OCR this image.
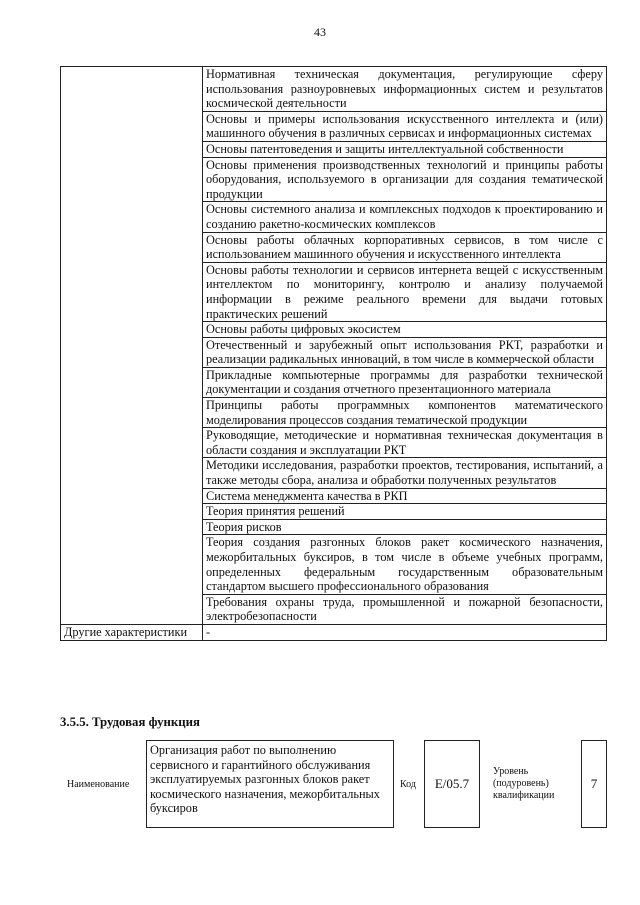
43
	Нормативная техническая документация, регулирующие сферу использования разноуровневых информационных систем и результатов космической деятельности
	Основы и примеры использования искусственного интеллекта и (или) машинного обучения в различных сервисах и информационных системах
	Основы патентоведения и защиты интеллектуальной собственности
	Основы применения производственных технологий и принципы работы оборудования, используемого в организации для создания тематической продукции
	Основы системного анализа и комплексных подходов к проектированию и созданию ракетно-космических комплексов
	Основы работы облачных корпоративных сервисов, в том числе с использованием машинного обучения и искусственного интеллекта
	Основы работы технологии и сервисов интернета вещей с искусственным интеллектом по мониторингу, контролю и анализу получаемой информации в режиме реального времени для выдачи готовых практических решений
	Основы работы цифровых экосистем
	Отечественный и зарубежный опыт использования РКТ, разработки и реализации радикальных инноваций, в том числе в коммерческой области
	Прикладные компьютерные программы для разработки технической документации и создания отчетного презентационного материала
	Принципы работы программных компонентов математического моделирования процессов создания тематической продукции
	Руководящие, методические и нормативная техническая документация в области создания и эксплуатации РКТ
	Методики исследования, разработки проектов, тестирования, испытаний, а также методы сбора, анализа и обработки полученных результатов
	Система менеджмента качества в РКП
	Теория принятия решений
	Теория рисков
	Теория создания разгонных блоков ракет космического назначения, межорбитальных буксиров, в том числе в объеме учебных программ, определенных федеральным государственным образовательным стандартом высшего профессионального образования
	Требования охраны труда, промышленной и пожарной безопасности, электробезопасности
Другие характеристики	-
3.5.5. Трудовая функция
Наименование
Организация работ по выполнению сервисного и гарантийного обслуживания эксплуатируемых разгонных блоков ракет космического назначения, межорбитальных буксиров
Код	E/05.7
Уровень (подуровень) квалификации
7
